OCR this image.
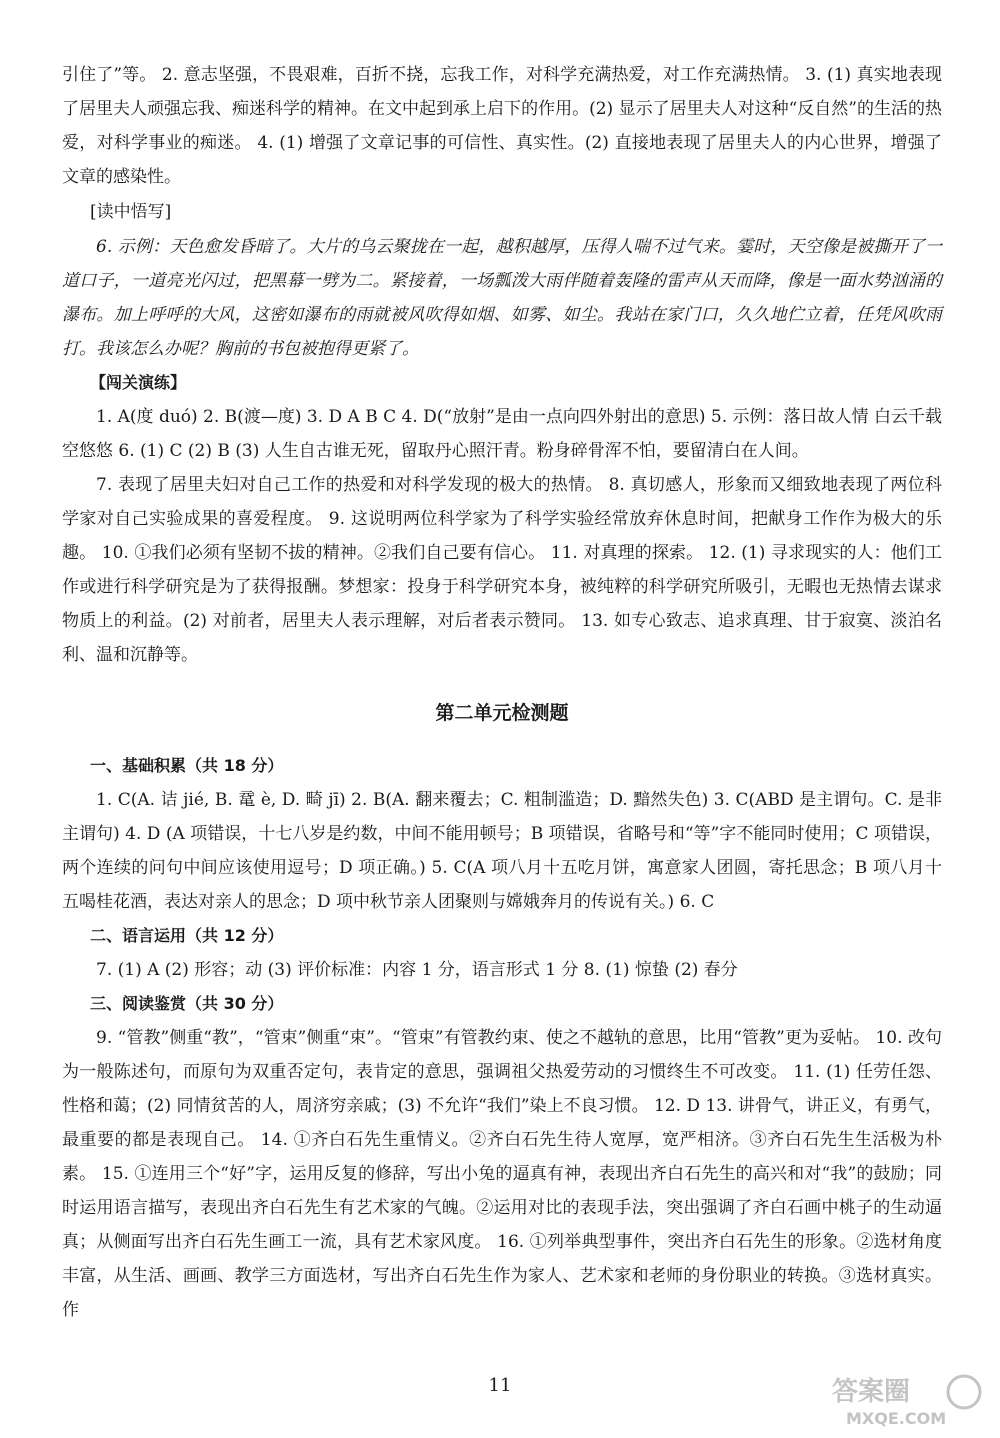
引住了”等。 2. 意志坚强，不畏艰难，百折不挠，忘我工作，对科学充满热爱，对工作充满热情。 3. (1) 真实地表现了居里夫人顽强忘我、痴迷科学的精神。在文中起到承上启下的作用。(2) 显示了居里夫人对这种“反自然”的生活的热爱，对科学事业的痴迷。 4. (1) 增强了文章记事的可信性、真实性。(2) 直接地表现了居里夫人的内心世界，增强了文章的感染性。

[读中悟写]

6. 示例：天色愈发昏暗了。大片的乌云聚拢在一起，越积越厚，压得人喘不过气来。霎时，天空像是被撕开了一道口子，一道亮光闪过，把黑幕一劈为二。紧接着，一场瓢泼大雨伴随着轰隆的雷声从天而降，像是一面水势汹涌的瀑布。加上呼呼的大风，这密如瀑布的雨就被风吹得如烟、如雾、如尘。我站在家门口，久久地伫立着，任凭风吹雨打。我该怎么办呢？胸前的书包被抱得更紧了。

【闯关演练】

1. A(度 duó) 2. B(渡—度) 3. D A B C 4. D(“放射”是由一点向四外射出的意思) 5. 示例：落日故人情 白云千载空悠悠 6. (1) C (2) B (3) 人生自古谁无死，留取丹心照汗青。粉身碎骨浑不怕，要留清白在人间。

7. 表现了居里夫妇对自己工作的热爱和对科学发现的极大的热情。 8. 真切感人，形象而又细致地表现了两位科学家对自己实验成果的喜爱程度。 9. 这说明两位科学家为了科学实验经常放弃休息时间，把献身工作作为极大的乐趣。 10. ①我们必须有坚韧不拔的精神。②我们自己要有信心。 11. 对真理的探索。 12. (1) 寻求现实的人：他们工作或进行科学研究是为了获得报酬。梦想家：投身于科学研究本身，被纯粹的科学研究所吸引，无暇也无热情去谋求物质上的利益。(2) 对前者，居里夫人表示理解，对后者表示赞同。 13. 如专心致志、追求真理、甘于寂寞、淡泊名利、温和沉静等。

第二单元检测题
一、基础积累（共 18 分）

1. C(A. 诘 jié, B. 鼋 è, D. 畸 jī) 2. B(A. 翻来覆去；C. 粗制滥造；D. 黯然失色) 3. C(ABD 是主谓句。C. 是非主谓句) 4. D (A 项错误，十七八岁是约数，中间不能用顿号；B 项错误，省略号和“等”字不能同时使用；C 项错误，两个连续的问句中间应该使用逗号；D 项正确。) 5. C(A 项八月十五吃月饼，寓意家人团圆，寄托思念；B 项八月十五喝桂花酒，表达对亲人的思念；D 项中秋节亲人团聚则与嫦娥奔月的传说有关。) 6. C

二、语言运用（共 12 分）

7. (1) A (2) 形容；动 (3) 评价标准：内容 1 分，语言形式 1 分 8. (1) 惊蛰 (2) 春分

三、阅读鉴赏（共 30 分）

9. “管教”侧重“教”，“管束”侧重“束”。“管束”有管教约束、使之不越轨的意思，比用“管教”更为妥帖。 10. 改句为一般陈述句，而原句为双重否定句，表肯定的意思，强调祖父热爱劳动的习惯终生不可改变。 11. (1) 任劳任怨、性格和蔼；(2) 同情贫苦的人，周济穷亲戚；(3) 不允许“我们”染上不良习惯。 12. D 13. 讲骨气，讲正义，有勇气，最重要的都是表现自己。 14. ①齐白石先生重情义。②齐白石先生待人宽厚，宽严相济。③齐白石先生生活极为朴素。 15. ①连用三个“好”字，运用反复的修辞，写出小兔的逼真有神，表现出齐白石先生的高兴和对“我”的鼓励；同时运用语言描写，表现出齐白石先生有艺术家的气魄。②运用对比的表现手法，突出强调了齐白石画中桃子的生动逼真；从侧面写出齐白石先生画工一流，具有艺术家风度。 16. ①列举典型事件，突出齐白石先生的形象。②选材角度丰富，从生活、画画、教学三方面选材，写出齐白石先生作为家人、艺术家和老师的身份职业的转换。③选材真实。作

11	答案圈
MXQE.COM
